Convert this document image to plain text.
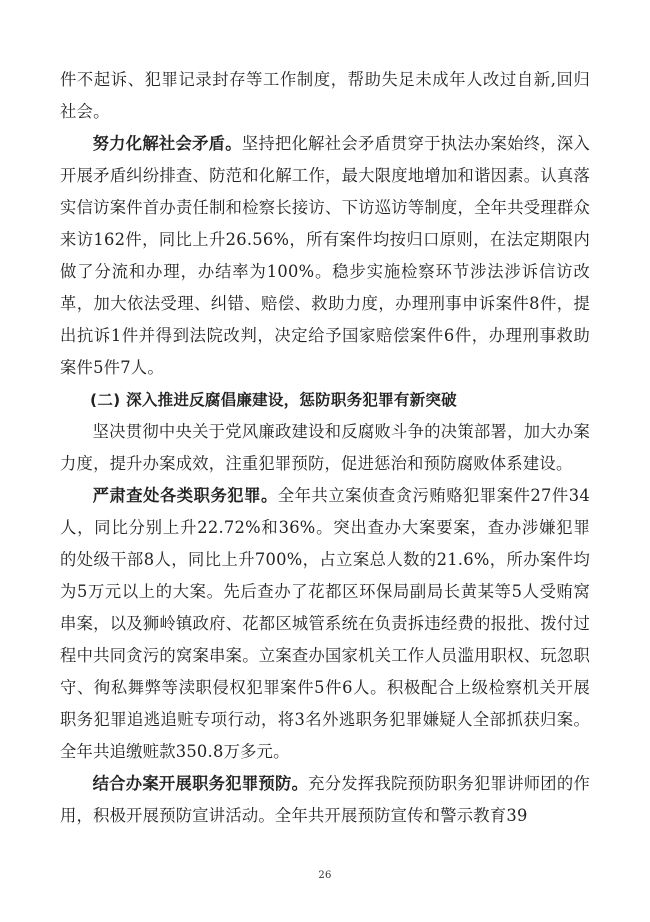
件不起诉、犯罪记录封存等工作制度，帮助失足未成年人改过自新,回归社会。

努力化解社会矛盾。坚持把化解社会矛盾贯穿于执法办案始终，深入开展矛盾纠纷排查、防范和化解工作，最大限度地增加和谐因素。认真落实信访案件首办责任制和检察长接访、下访巡访等制度，全年共受理群众来访162件，同比上升26.56%，所有案件均按归口原则，在法定期限内做了分流和办理，办结率为100%。稳步实施检察环节涉法涉诉信访改革，加大依法受理、纠错、赔偿、救助力度，办理刑事申诉案件8件，提出抗诉1件并得到法院改判，决定给予国家赔偿案件6件，办理刑事救助案件5件7人。

(二) 深入推进反腐倡廉建设，惩防职务犯罪有新突破

坚决贯彻中央关于党风廉政建设和反腐败斗争的决策部署，加大办案力度，提升办案成效，注重犯罪预防，促进惩治和预防腐败体系建设。

严肃查处各类职务犯罪。全年共立案侦查贪污贿赂犯罪案件27件34人，同比分别上升22.72%和36%。突出查办大案要案，查办涉嫌犯罪的处级干部8人，同比上升700%，占立案总人数的21.6%，所办案件均为5万元以上的大案。先后查办了花都区环保局副局长黄某等5人受贿窝串案，以及狮岭镇政府、花都区城管系统在负责拆违经费的报批、拨付过程中共同贪污的窝案串案。立案查办国家机关工作人员滥用职权、玩忽职守、徇私舞弊等渎职侵权犯罪案件5件6人。积极配合上级检察机关开展职务犯罪追逃追赃专项行动，将3名外逃职务犯罪嫌疑人全部抓获归案。全年共追缴赃款350.8万多元。

结合办案开展职务犯罪预防。充分发挥我院预防职务犯罪讲师团的作用，积极开展预防宣讲活动。全年共开展预防宣传和警示教育39

26
